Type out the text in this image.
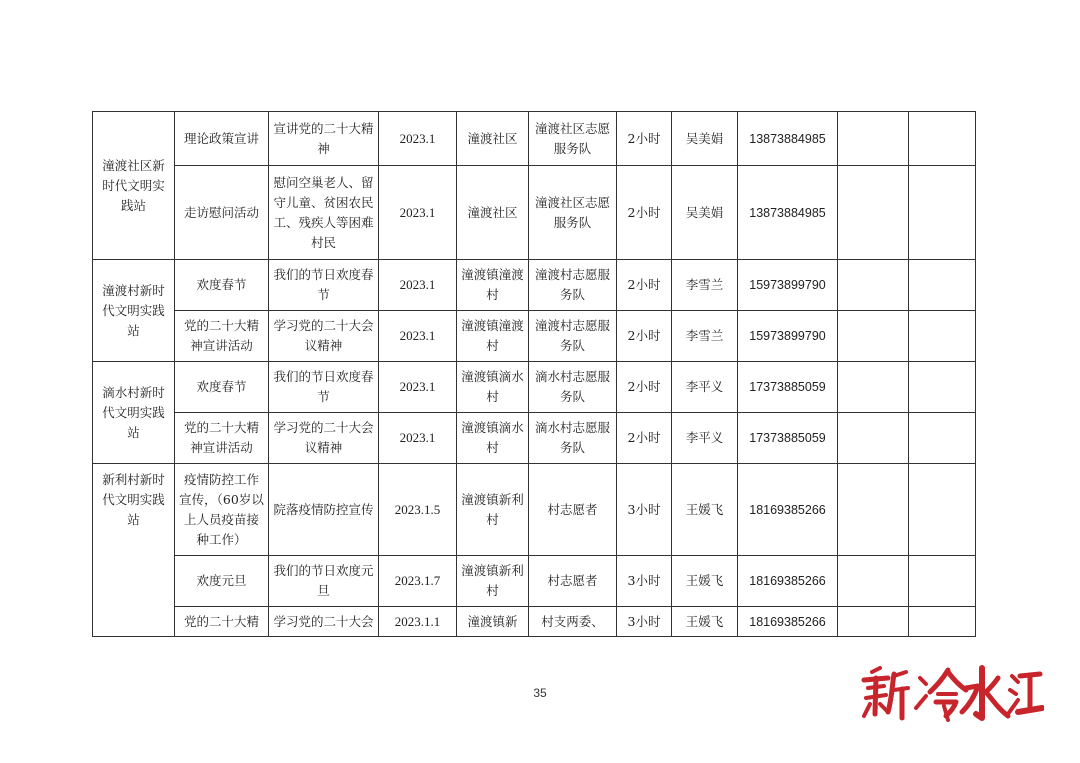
潼渡社区新时代文明实践站	理论政策宣讲	宣讲党的二十大精神	2023.1	潼渡社区	潼渡社区志愿服务队	2小时	吴美娟	13873884985		
	走访慰问活动	慰问空巢老人、留守儿童、贫困农民工、残疾人等困难村民	2023.1	潼渡社区	潼渡社区志愿服务队	2小时	吴美娟	13873884985		
潼渡村新时代文明实践站	欢度春节	我们的节日欢度春节	2023.1	潼渡镇潼渡村	潼渡村志愿服务队	2小时	李雪兰	15973899790		
	党的二十大精神宣讲活动	学习党的二十大会议精神	2023.1	潼渡镇潼渡村	潼渡村志愿服务队	2小时	李雪兰	15973899790		
滴水村新时代文明实践站	欢度春节	我们的节日欢度春节	2023.1	潼渡镇滴水村	滴水村志愿服务队	2小时	李平义	17373885059		
	党的二十大精神宣讲活动	学习党的二十大会议精神	2023.1	潼渡镇滴水村	滴水村志愿服务队	2小时	李平义	17373885059		
新利村新时代文明实践站	疫情防控工作宣传，（60岁以上人员疫苗接种工作）	院落疫情防控宣传	2023.1.5	潼渡镇新利村	村志愿者	3小时	王媛飞	18169385266		
	欢度元旦	我们的节日欢度元旦	2023.1.7	潼渡镇新利村	村志愿者	3小时	王媛飞	18169385266		
	党的二十大精	学习党的二十大会	2023.1.1	潼渡镇新	村支两委、	3小时	王媛飞	18169385266		
35
